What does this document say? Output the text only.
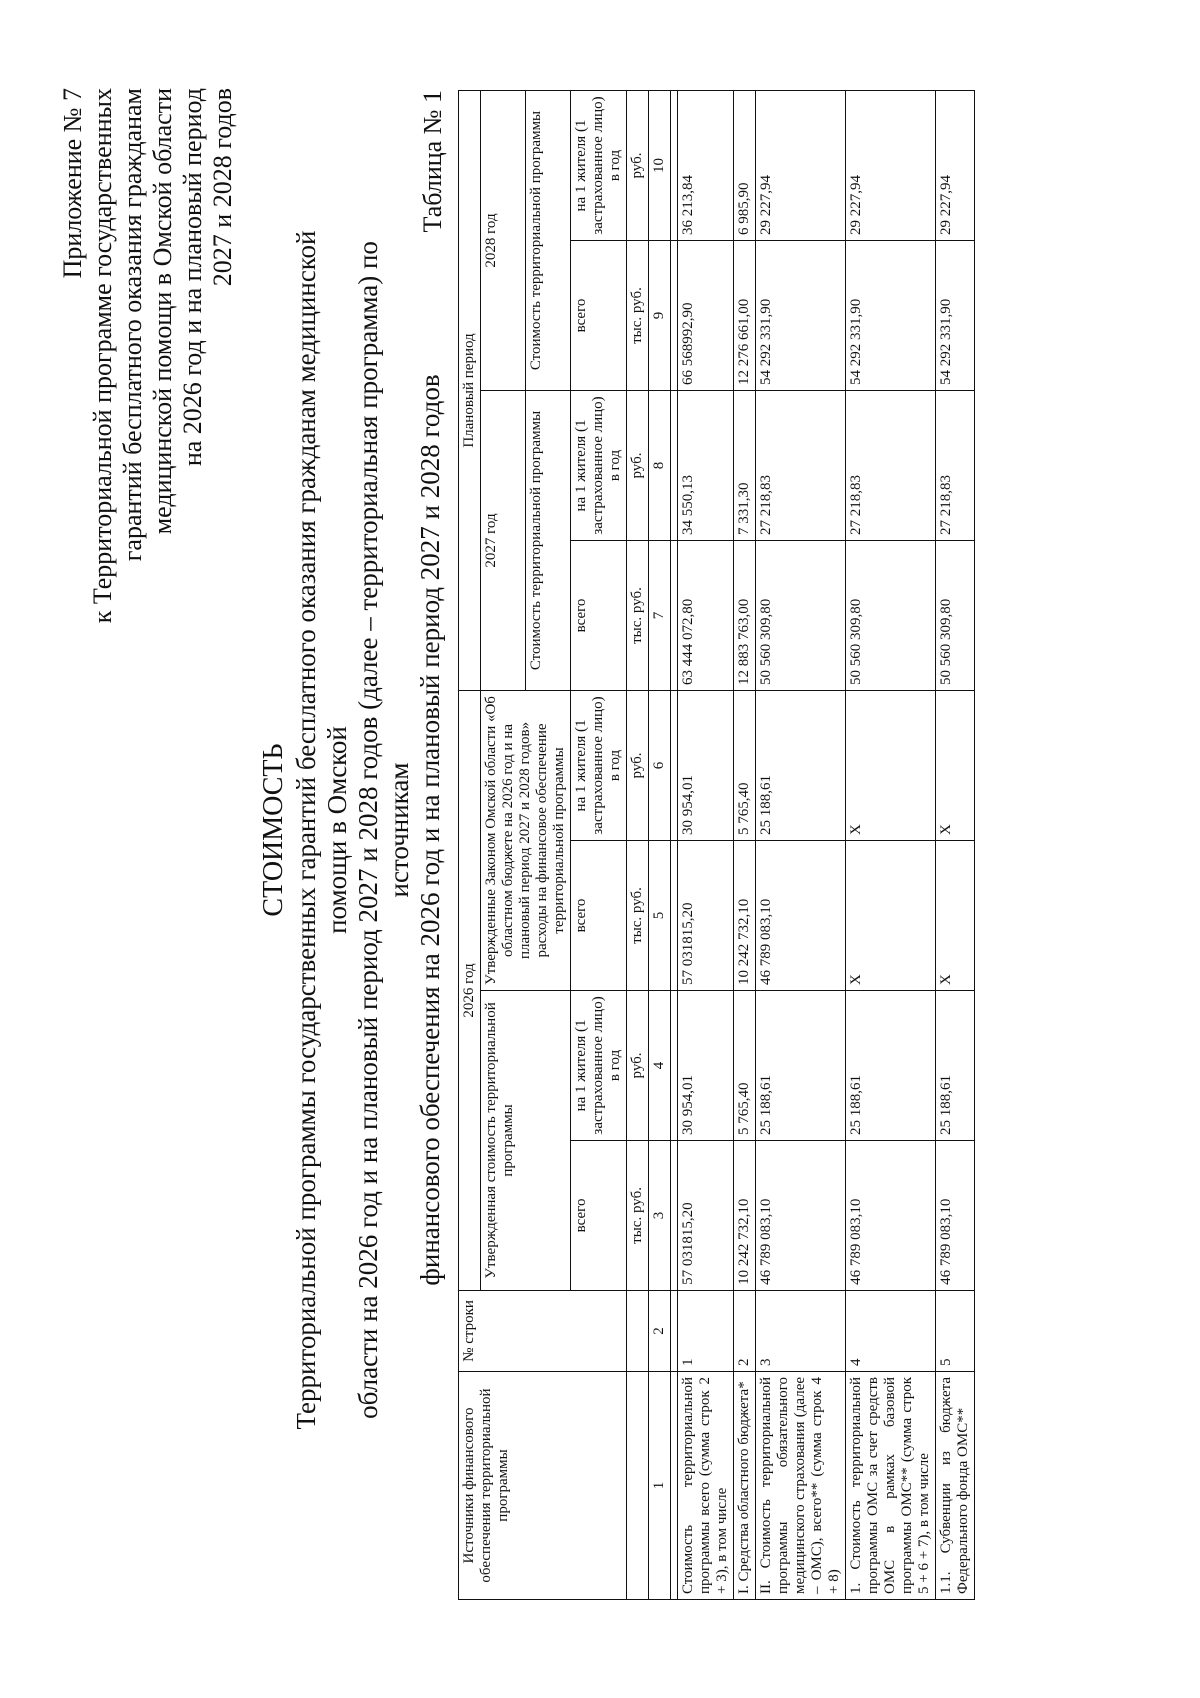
Приложение № 7 к Территориальной программе государственных гарантий бесплатного оказания гражданам медицинской помощи в Омской области на 2026 год и на плановый период 2027 и 2028 годов
СТОИМОСТЬ Территориальной программы государственных гарантий бесплатного оказания гражданам медицинской помощи в Омской области на 2026 год и на плановый период 2027 и 2028 годов (далее – территориальная программа) по источникам финансового обеспечения на 2026 год и на плановый период 2027 и 2028 годов
Таблица № 1
Источники финансового обеспечения территориальной программы	№ строки	2026 год				Плановый период			
		Утвержденная стоимость территориальной программы		Утвержденные Законом Омской области «Об областном бюджете на 2026 год и на плановый период 2027 и 2028 годов» расходы на финансовое обеспечение территориальной программы		2027 год		2028 год	
						Стоимость территориальной программы		Стоимость территориальной программы	
		всего	на 1 жителя (1 застрахованное лицо) в год	всего	на 1 жителя (1 застрахованное лицо) в год	всего	на 1 жителя (1 застрахованное лицо) в год	всего	на 1 жителя (1 застрахованное лицо) в год
		тыс. руб.	руб.	тыс. руб.	руб.	тыс. руб.	руб.	тыс. руб.	руб.
1	2	3	4	5	6	7	8	9	10

Стоимость территориальной программы всего (сумма строк 2 + 3), в том числе	1	57 031815,20	30 954,01	57 031815,20	30 954,01	63 444 072,80	34 550,13	66 568992,90	36 213,84
I. Средства областного бюджета*	2	10 242 732,10	5 765,40	10 242 732,10	5 765,40	12 883 763,00	7 331,30	12 276 661,00	6 985,90
II. Стоимость территориальной программы обязательного медицинского страхования (далее – ОМС), всего** (сумма строк 4 + 8)	3	46 789 083,10	25 188,61	46 789 083,10	25 188,61	50 560 309,80	27 218,83	54 292 331,90	29 227,94
1. Стоимость территориальной программы ОМС за счет средств ОМС в рамках базовой программы ОМС** (сумма строк 5 + 6 + 7), в том числе	4	46 789 083,10	25 188,61	Х	Х	50 560 309,80	27 218,83	54 292 331,90	29 227,94
1.1. Субвенции из бюджета Федерального фонда ОМС**	5	46 789 083,10	25 188,61	Х	Х	50 560 309,80	27 218,83	54 292 331,90	29 227,94
